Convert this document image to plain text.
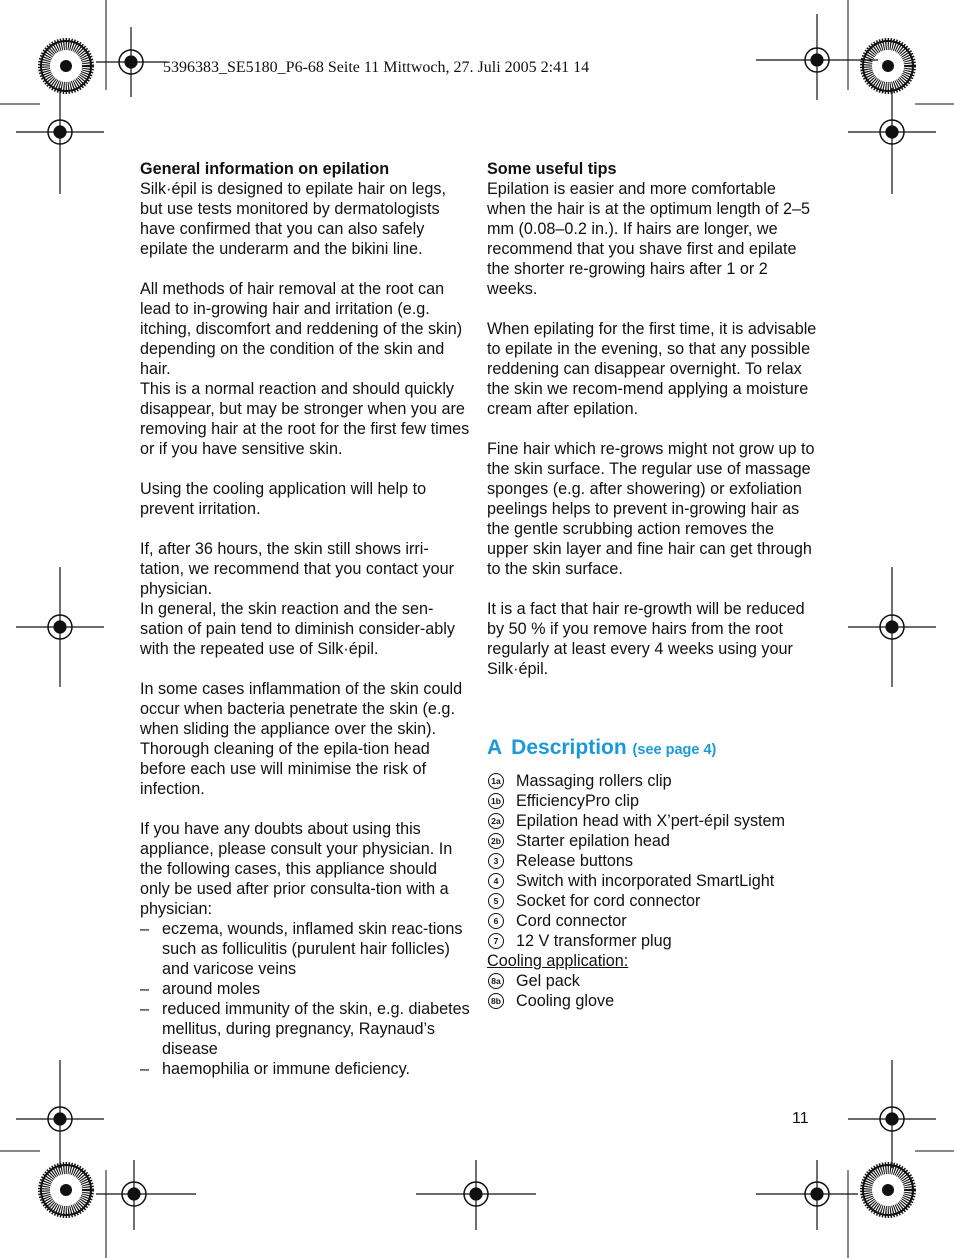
5396383_SE5180_P6-68 Seite 11 Mittwoch, 27. Juli 2005 2:41 14
General information on epilation

Silk·épil is designed to epilate hair on legs, but use tests monitored by dermatologists have confirmed that you can also safely epilate the underarm and the bikini line.

All methods of hair removal at the root can lead to in-growing hair and irritation (e.g. itching, discomfort and reddening of the skin) depending on the condition of the skin and hair.

This is a normal reaction and should quickly disappear, but may be stronger when you are removing hair at the root for the first few times or if you have sensitive skin.

Using the cooling application will help to prevent irritation.

If, after 36 hours, the skin still shows irri-tation, we recommend that you contact your physician.

In general, the skin reaction and the sen-sation of pain tend to diminish consider-ably with the repeated use of Silk·épil.

In some cases inflammation of the skin could occur when bacteria penetrate the skin (e.g. when sliding the appliance over the skin). Thorough cleaning of the epila-tion head before each use will minimise the risk of infection.

If you have any doubts about using this appliance, please consult your physician. In the following cases, this appliance should only be used after prior consulta-tion with a physician:

– eczema, wounds, inflamed skin reac-tions such as folliculitis (purulent hair follicles) and varicose veins
– around moles
– reduced immunity of the skin, e.g. diabetes mellitus, during pregnancy, Raynaud’s disease
– haemophilia or immune deficiency.
Some useful tips

Epilation is easier and more comfortable when the hair is at the optimum length of 2–5 mm (0.08–0.2 in.). If hairs are longer, we recommend that you shave first and epilate the shorter re-growing hairs after 1 or 2 weeks.

When epilating for the first time, it is advisable to epilate in the evening, so that any possible reddening can disappear overnight. To relax the skin we recom-mend applying a moisture cream after epilation.

Fine hair which re-grows might not grow up to the skin surface. The regular use of massage sponges (e.g. after showering) or exfoliation peelings helps to prevent in-growing hair as the gentle scrubbing action removes the upper skin layer and fine hair can get through to the skin surface.

It is a fact that hair re-growth will be reduced by 50 % if you remove hairs from the root regularly at least every 4 weeks using your Silk·épil.

A Description (see page 4)
1a Massaging rollers clip
1b EfficiencyPro clip
2a Epilation head with X’pert-épil system
2b Starter epilation head
3	Release buttons
4	Switch with incorporated SmartLight
5	Socket for cord connector
6	Cord connector
7	12 V transformer plug
Cooling application:
8a Gel pack
8b Cooling glove
11
